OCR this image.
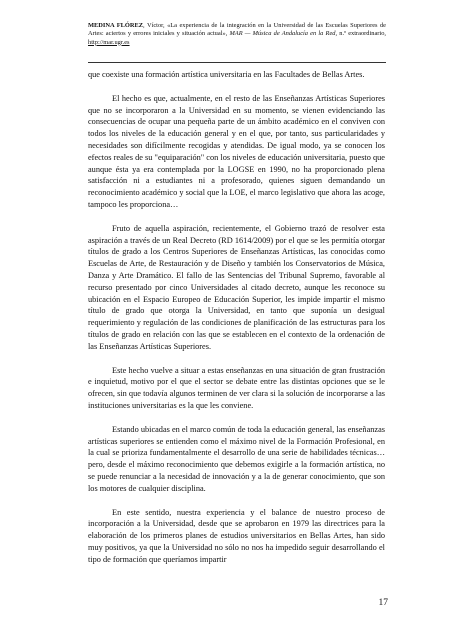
MEDINA FLÓREZ, Víctor, «La experiencia de la integración en la Universidad de las Escuelas Superiores de Artes: aciertos y errores iniciales y situación actual», MAR — Música de Andalucía en la Red, n.º extraordinario, http://mar.ugr.es

que coexiste una formación artística universitaria en las Facultades de Bellas Artes.

El hecho es que, actualmente, en el resto de las Enseñanzas Artísticas Superiores que no se incorporaron a la Universidad en su momento, se vienen evidenciando las consecuencias de ocupar una pequeña parte de un ámbito académico en el conviven con todos los niveles de la educación general y en el que, por tanto, sus particularidades y necesidades son difícilmente recogidas y atendidas. De igual modo, ya se conocen los efectos reales de su "equiparación" con los niveles de educación universitaria, puesto que aunque ésta ya era contemplada por la LOGSE en 1990, no ha proporcionado plena satisfacción ni a estudiantes ni a profesorado, quienes siguen demandando un reconocimiento académico y social que la LOE, el marco legislativo que ahora las acoge, tampoco les proporciona…

Fruto de aquella aspiración, recientemente, el Gobierno trazó de resolver esta aspiración a través de un Real Decreto (RD 1614/2009) por el que se les permitía otorgar títulos de grado a los Centros Superiores de Enseñanzas Artísticas, las conocidas como Escuelas de Arte, de Restauración y de Diseño y también los Conservatorios de Música, Danza y Arte Dramático. El fallo de las Sentencias del Tribunal Supremo, favorable al recurso presentado por cinco Universidades al citado decreto, aunque les reconoce su ubicación en el Espacio Europeo de Educación Superior, les impide impartir el mismo título de grado que otorga la Universidad, en tanto que suponía un desigual requerimiento y regulación de las condiciones de planificación de las estructuras para los títulos de grado en relación con las que se establecen en el contexto de la ordenación de las Enseñanzas Artísticas Superiores.

Este hecho vuelve a situar a estas enseñanzas en una situación de gran frustración e inquietud, motivo por el que el sector se debate entre las distintas opciones que se le ofrecen, sin que todavía algunos terminen de ver clara si la solución de incorporarse a las instituciones universitarias es la que les conviene.

Estando ubicadas en el marco común de toda la educación general, las enseñanzas artísticas superiores se entienden como el máximo nivel de la Formación Profesional, en la cual se prioriza fundamentalmente el desarrollo de una serie de habilidades técnicas… pero, desde el máximo reconocimiento que debemos exigirle a la formación artística, no se puede renunciar a la necesidad de innovación y a la de generar conocimiento, que son los motores de cualquier disciplina.

En este sentido, nuestra experiencia y el balance de nuestro proceso de incorporación a la Universidad, desde que se aprobaron en 1979 las directrices para la elaboración de los primeros planes de estudios universitarios en Bellas Artes, han sido muy positivos, ya que la Universidad no sólo no nos ha impedido seguir desarrollando el tipo de formación que queríamos impartir

17
